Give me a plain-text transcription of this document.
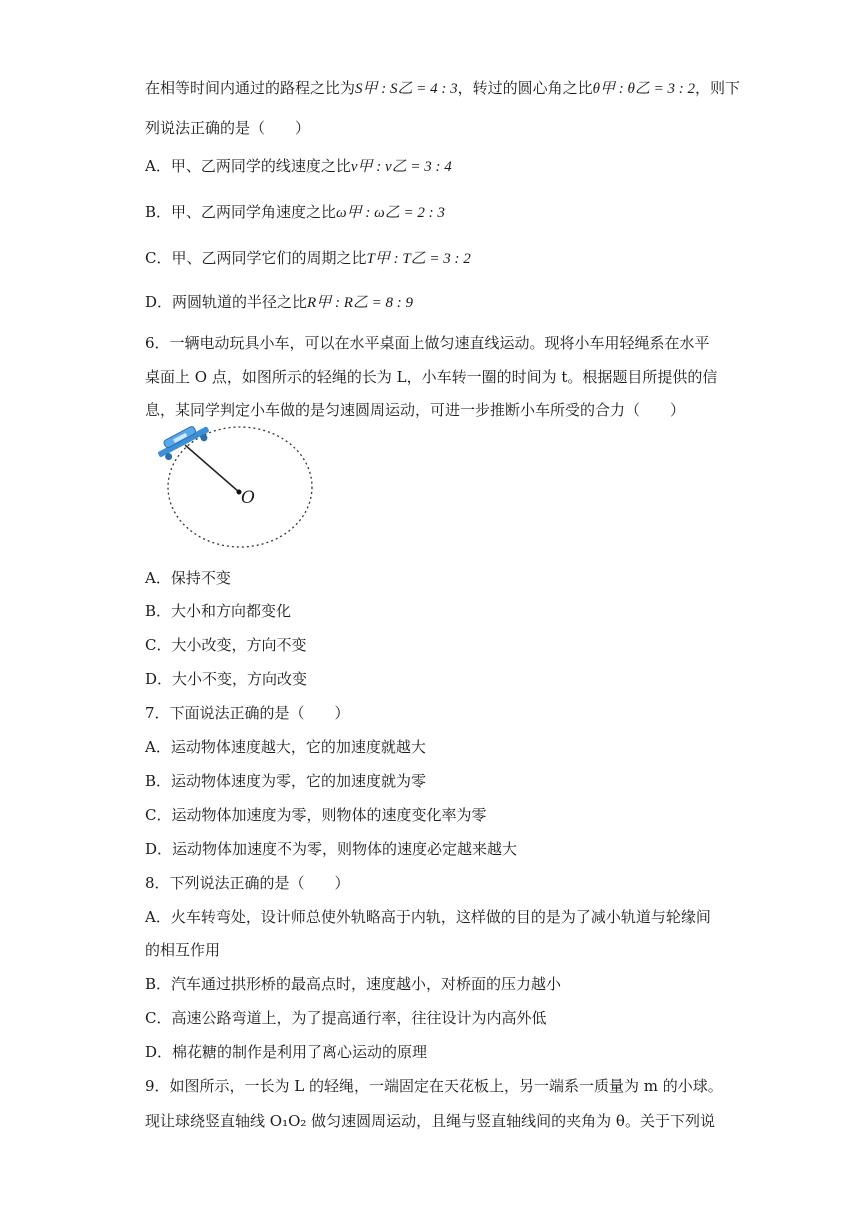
在相等时间内通过的路程之比为S甲 : S乙 = 4 : 3，转过的圆心角之比θ甲 : θ乙 = 3 : 2，则下
列说法正确的是（　　）
A．甲、乙两同学的线速度之比v甲 : v乙 = 3 : 4
B．甲、乙两同学角速度之比ω甲 : ω乙 = 2 : 3
C．甲、乙两同学它们的周期之比T甲 : T乙 = 3 : 2
D．两圆轨道的半径之比R甲 : R乙 = 8 : 9
6．一辆电动玩具小车，可以在水平桌面上做匀速直线运动。现将小车用轻绳系在水平
桌面上 O 点，如图所示的轻绳的长为 L，小车转一圈的时间为 t。根据题目所提供的信
息，某同学判定小车做的是匀速圆周运动，可进一步推断小车所受的合力（　　）
O
A．保持不变
B．大小和方向都变化
C．大小改变，方向不变
D．大小不变，方向改变
7．下面说法正确的是（　　）
A．运动物体速度越大，它的加速度就越大
B．运动物体速度为零，它的加速度就为零
C．运动物体加速度为零，则物体的速度变化率为零
D．运动物体加速度不为零，则物体的速度必定越来越大
8．下列说法正确的是（　　）
A．火车转弯处，设计师总使外轨略高于内轨，这样做的目的是为了减小轨道与轮缘间
的相互作用
B．汽车通过拱形桥的最高点时，速度越小，对桥面的压力越小
C．高速公路弯道上，为了提高通行率，往往设计为内高外低
D．棉花糖的制作是利用了离心运动的原理
9．如图所示，一长为 L 的轻绳，一端固定在天花板上，另一端系一质量为 m 的小球。
现让球绕竖直轴线 O₁O₂ 做匀速圆周运动，且绳与竖直轴线间的夹角为 θ。关于下列说
